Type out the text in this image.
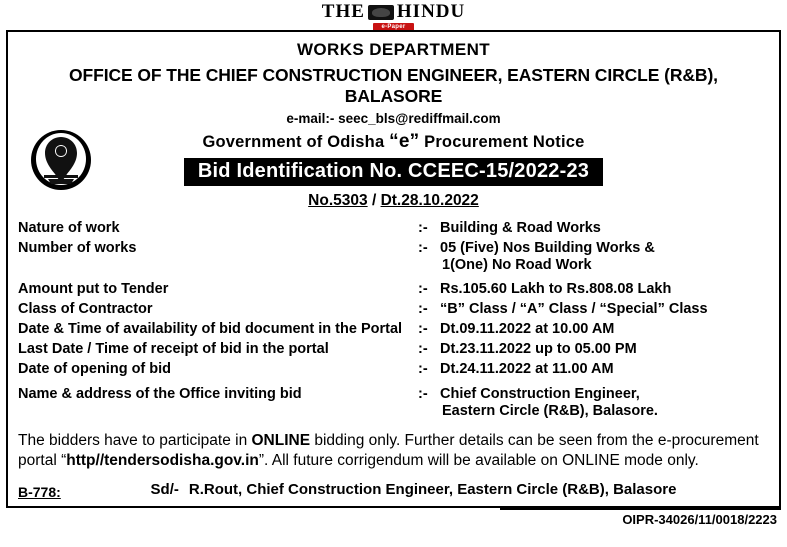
THE HINDU
e-Paper
WORKS DEPARTMENT
OFFICE OF THE CHIEF CONSTRUCTION ENGINEER, EASTERN CIRCLE (R&B), BALASORE
e-mail:- seec_bls@rediffmail.com
Government of Odisha “e” Procurement Notice
Bid Identification No. CCEEC-15/2022-23
No.5303 / Dt.28.10.2022
Nature of work	:-	Building & Road Works
Number of works	:-	05 (Five) Nos Building Works &
1(One) No Road Work

Amount put to Tender	:-	Rs.105.60 Lakh to Rs.808.08 Lakh
Class of Contractor	:-	“B” Class / “A” Class / “Special” Class
Date & Time of availability of bid document in the Portal	:-	Dt.09.11.2022 at 10.00 AM
Last Date / Time of receipt of bid in the portal	:-	Dt.23.11.2022 up to 05.00 PM
Date of opening of bid	:-	Dt.24.11.2022 at 11.00 AM
Name & address of the Office inviting bid	:-	Chief Construction Engineer,
Eastern Circle (R&B), Balasore.
The bidders have to participate in ONLINE bidding only. Further details can be seen from the e-procurement portal “http//tendersodisha.gov.in”. All future corrigendum will be available on ONLINE mode only.
Sd/- R.Rout, Chief Construction Engineer, Eastern Circle (R&B), Balasore
B-778:
OIPR-34026/11/0018/2223
